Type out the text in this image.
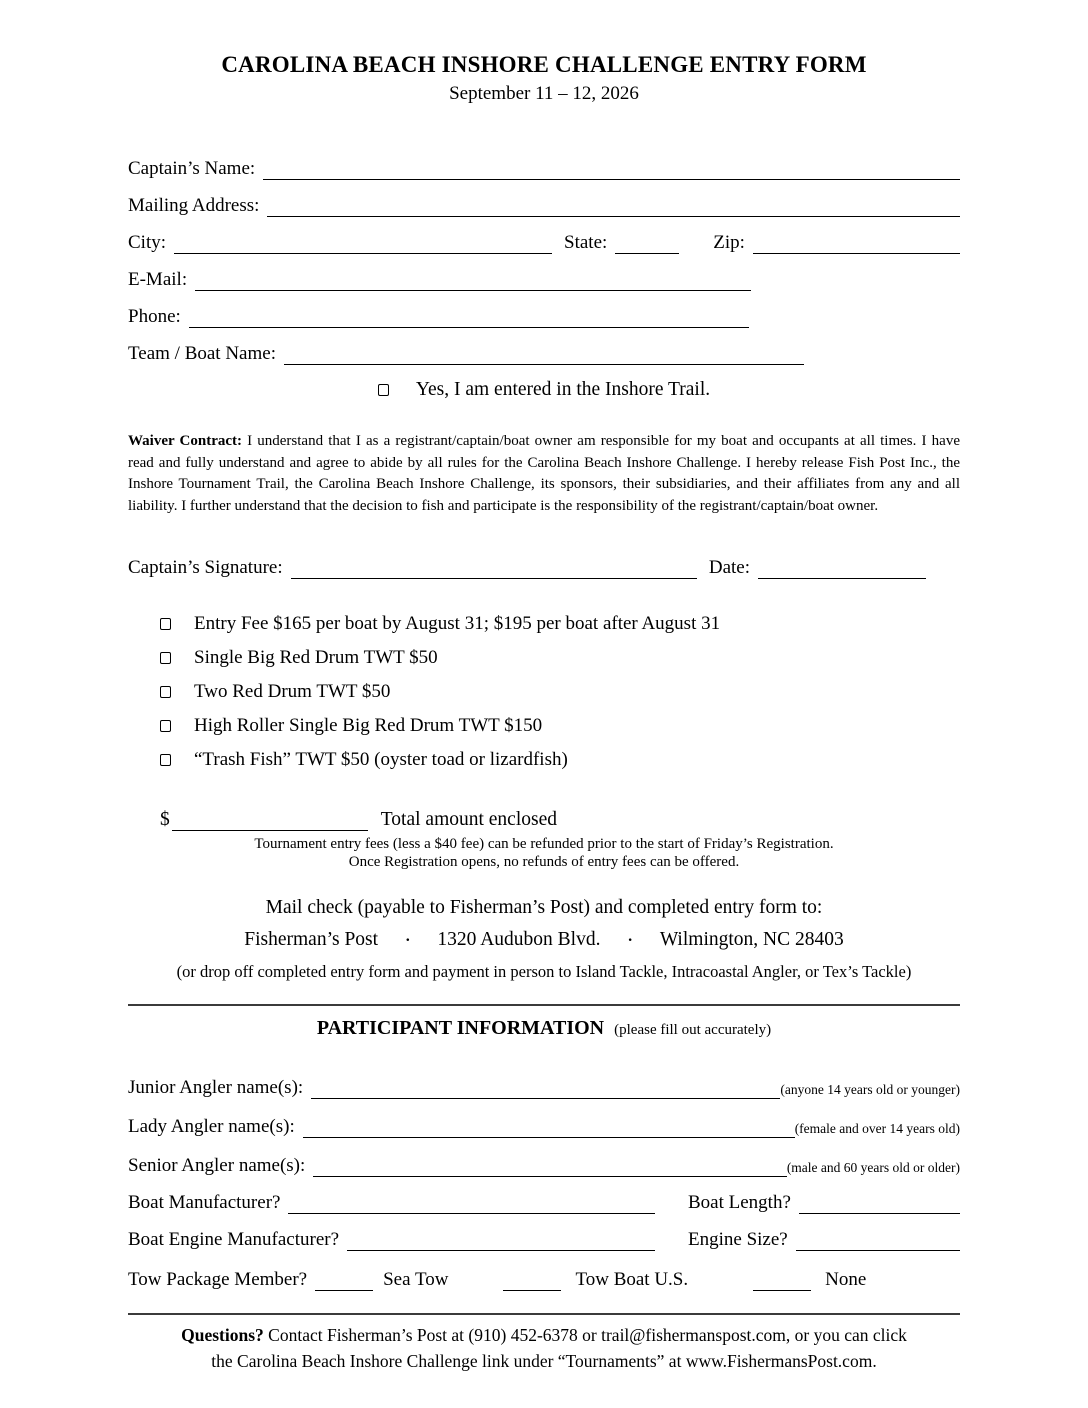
CAROLINA BEACH INSHORE CHALLENGE ENTRY FORM
September 11 – 12, 2026
Captain’s Name:
Mailing Address:
City:	State:	Zip:
E-Mail:
Phone:
Team / Boat Name:
Yes, I am entered in the Inshore Trail.

Waiver Contract: I understand that I as a registrant/captain/boat owner am responsible for my boat and occupants at all times. I have read and fully understand and agree to abide by all rules for the Carolina Beach Inshore Challenge. I hereby release Fish Post Inc., the Inshore Tournament Trail, the Carolina Beach Inshore Challenge, its sponsors, their subsidiaries, and their affiliates from any and all liability. I further understand that the decision to fish and participate is the responsibility of the registrant/captain/boat owner.

Captain’s Signature:	Date:
Entry Fee $165 per boat by August 31; $195 per boat after August 31
Single Big Red Drum TWT $50
Two Red Drum TWT $50
High Roller Single Big Red Drum TWT $150
“Trash Fish” TWT $50 (oyster toad or lizardfish)
$	Total amount enclosed
Tournament entry fees (less a $40 fee) can be refunded prior to the start of Friday’s Registration.
Once Registration opens, no refunds of entry fees can be offered.
Mail check (payable to Fisherman’s Post) and completed entry form to:
Fisherman’s Post · 1320 Audubon Blvd. · Wilmington, NC 28403
(or drop off completed entry form and payment in person to Island Tackle, Intracoastal Angler, or Tex’s Tackle)
PARTICIPANT INFORMATION (please fill out accurately)
Junior Angler name(s):	(anyone 14 years old or younger)
Lady Angler name(s):	(female and over 14 years old)
Senior Angler name(s):	(male and 60 years old or older)
Boat Manufacturer?	Boat Length?
Boat Engine Manufacturer?	Engine Size?
Tow Package Member?	Sea Tow	Tow Boat U.S.	None
Questions? Contact Fisherman’s Post at (910) 452-6378 or trail@fishermanspost.com, or you can click
the Carolina Beach Inshore Challenge link under “Tournaments” at www.FishermansPost.com.
